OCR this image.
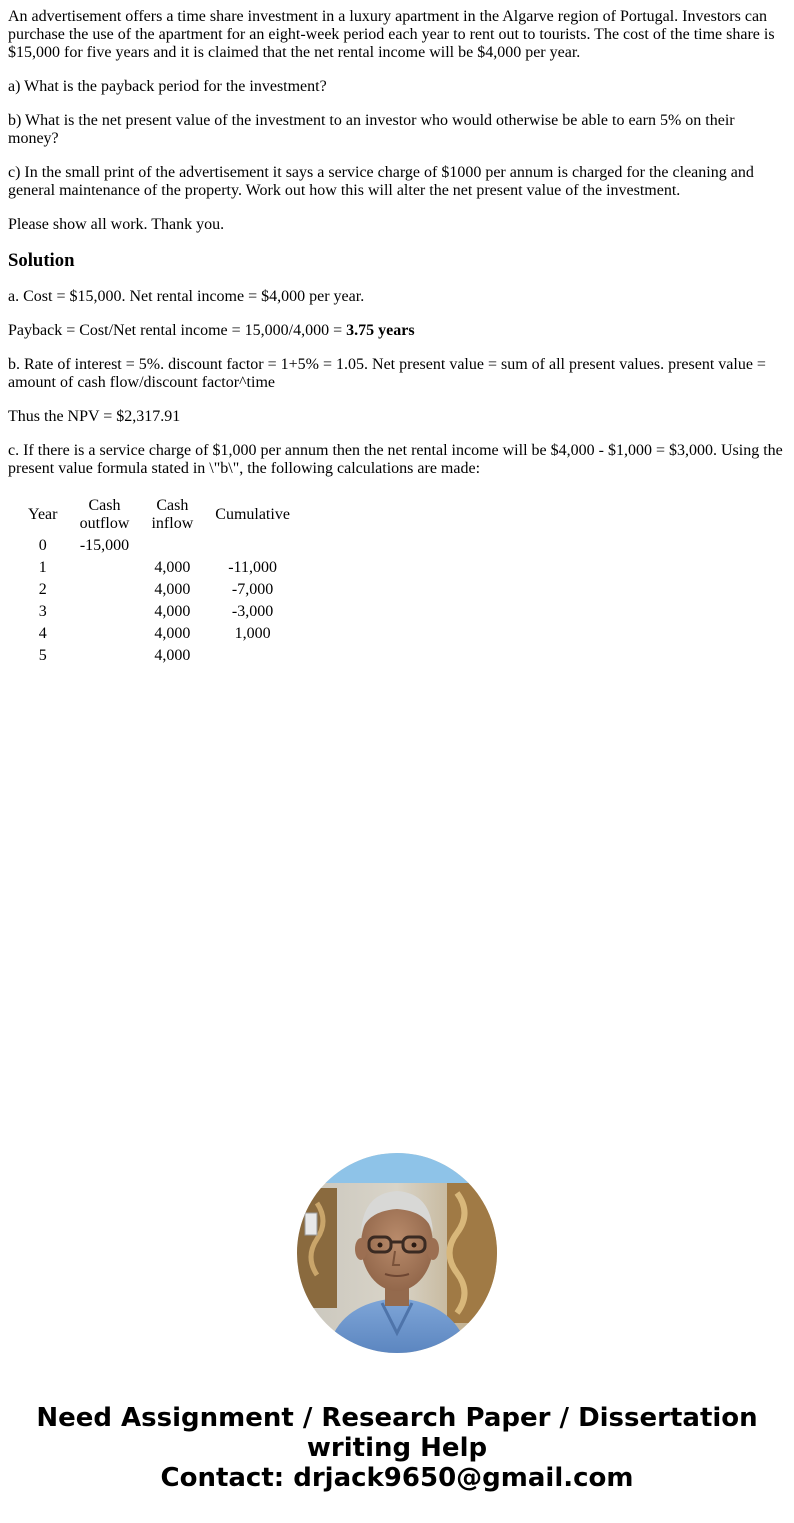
An advertisement offers a time share investment in a luxury apartment in the Algarve region of Portugal. Investors can purchase the use of the apartment for an eight-week period each year to rent out to tourists. The cost of the time share is $15,000 for five years and it is claimed that the net rental income will be $4,000 per year.

a) What is the payback period for the investment?

b) What is the net present value of the investment to an investor who would otherwise be able to earn 5% on their money?

c) In the small print of the advertisement it says a service charge of $1000 per annum is charged for the cleaning and general maintenance of the property. Work out how this will alter the net present value of the investment.

Please show all work. Thank you.

Solution

a. Cost = $15,000. Net rental income = $4,000 per year.

Payback = Cost/Net rental income = 15,000/4,000 = 3.75 years

b. Rate of interest = 5%. discount factor = 1+5% = 1.05. Net present value = sum of all present values. present value = amount of cash flow/discount factor^time

Thus the NPV = $2,317.91

c. If there is a service charge of $1,000 per annum then the net rental income will be $4,000 - $1,000 = $3,000. Using the present value formula stated in \"b\", the following calculations are made:

Year	Cash outflow	Cash inflow	Cumulative
0	-15,000		
1		4,000	-11,000
2		4,000	-7,000
3		4,000	-3,000
4		4,000	1,000
5		4,000	
Need Assignment / Research Paper / Dissertation writing Help
Contact: drjack9650@gmail.com
